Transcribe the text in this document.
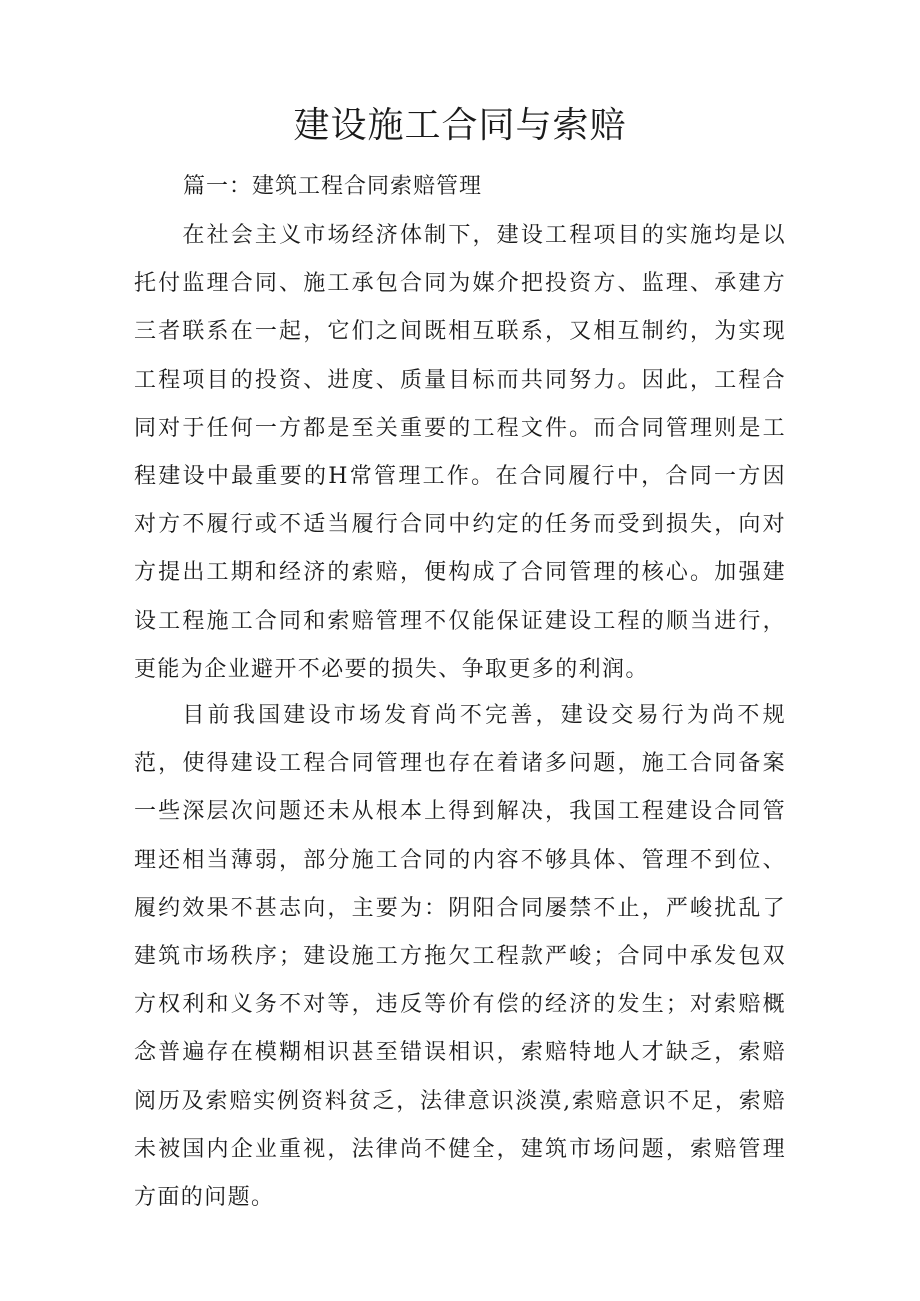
建设施工合同与索赔
篇一：建筑工程合同索赔管理

在社会主义市场经济体制下，建设工程项目的实施均是以托付监理合同、施工承包合同为媒介把投资方、监理、承建方三者联系在一起，它们之间既相互联系，又相互制约，为实现工程项目的投资、进度、质量目标而共同努力。因此，工程合同对于任何一方都是至关重要的工程文件。而合同管理则是工程建设中最重要的H常管理工作。在合同履行中，合同一方因对方不履行或不适当履行合同中约定的任务而受到损失，向对方提出工期和经济的索赔，便构成了合同管理的核心。加强建设工程施工合同和索赔管理不仅能保证建设工程的顺当进行，更能为企业避开不必要的损失、争取更多的利润。

目前我国建设市场发育尚不完善，建设交易行为尚不规范，使得建设工程合同管理也存在着诸多问题，施工合同备案一些深层次问题还未从根本上得到解决，我国工程建设合同管理还相当薄弱，部分施工合同的内容不够具体、管理不到位、履约效果不甚志向，主要为：阴阳合同屡禁不止，严峻扰乱了建筑市场秩序；建设施工方拖欠工程款严峻；合同中承发包双方权利和义务不对等，违反等价有偿的经济的发生；对索赔概念普遍存在模糊相识甚至错误相识，索赔特地人才缺乏，索赔阅历及索赔实例资料贫乏，法律意识淡漠,索赔意识不足，索赔未被国内企业重视，法律尚不健全，建筑市场问题，索赔管理方面的问题。
